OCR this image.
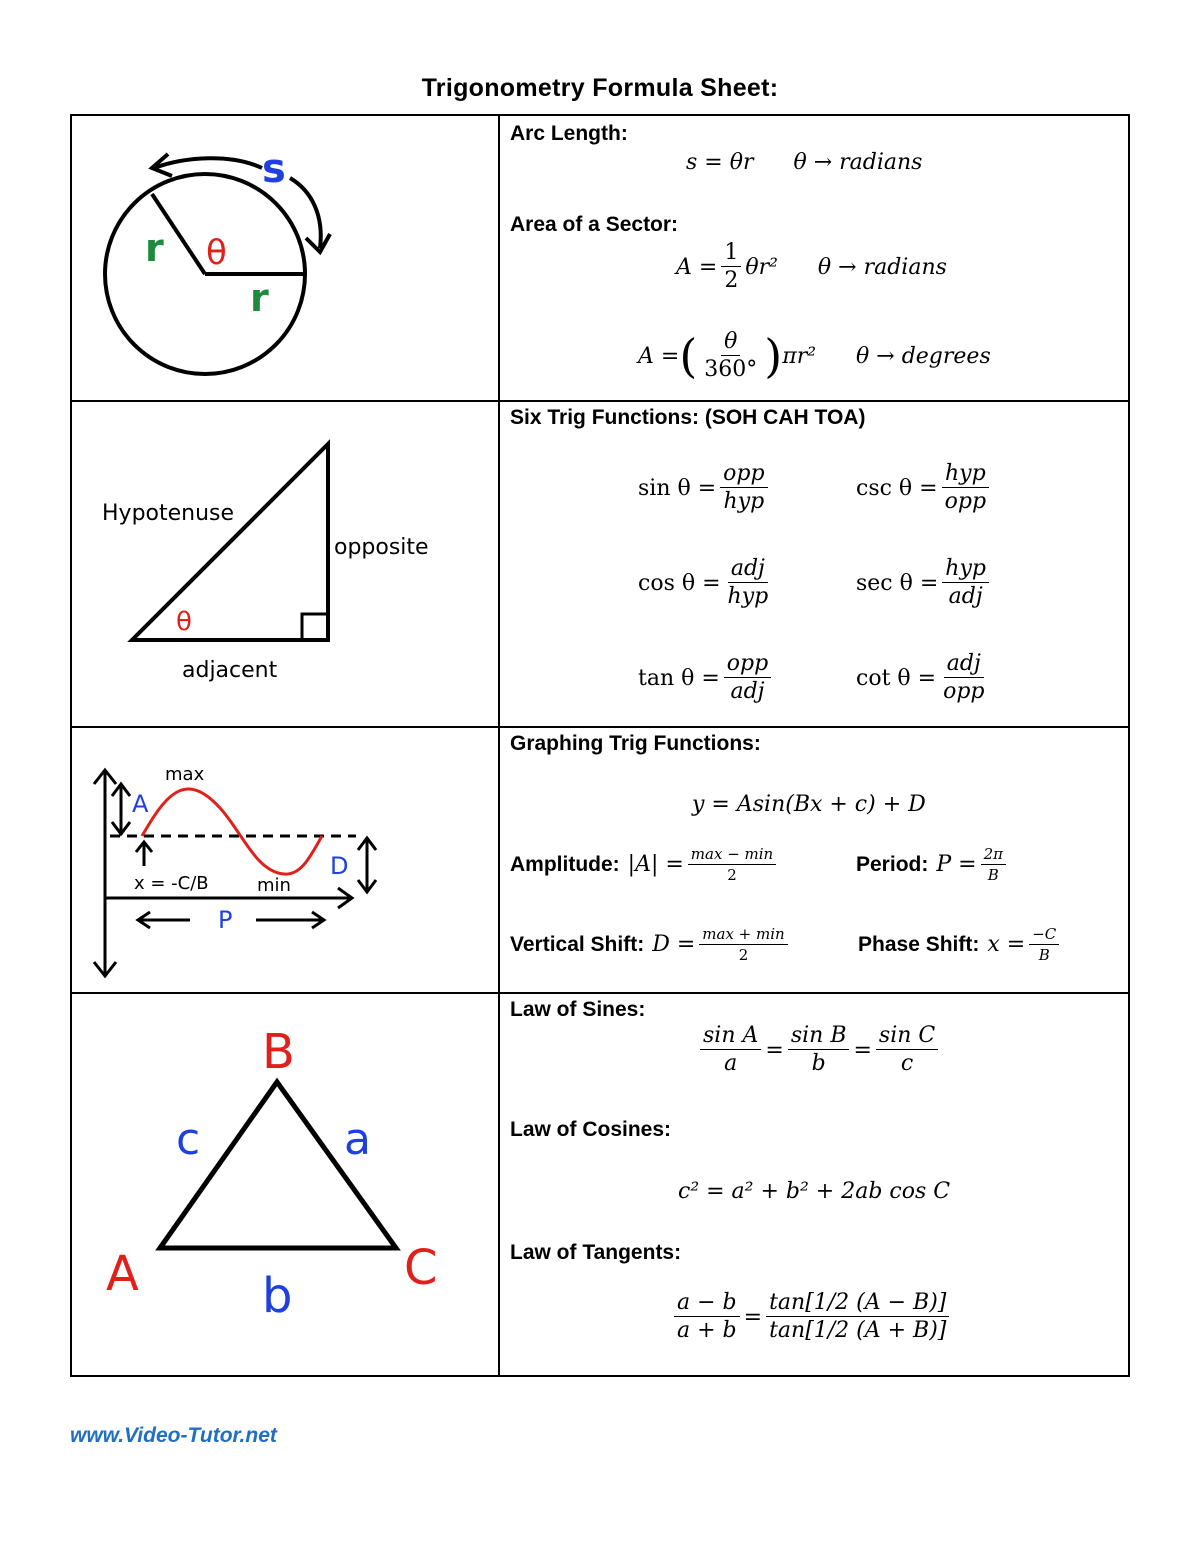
Trigonometry Formula Sheet:
s
r
r
θ
Arc Length:
s = θr θ → radians
Area of a Sector:
$A = \frac{1}{2} \theta r^2$ θ → radians
A = ( $\frac{\theta}{360^\circ}$ ) πr² θ → degrees
Hypotenuse
opposite
adjacent
θ
Six Trig Functions: (SOH CAH TOA)
$\sin \theta = \frac{\text{opp}}{\text{hyp}}$	$\csc \theta = \frac{\text{hyp}}{\text{opp}}$
$\cos \theta = \frac{\text{adj}}{\text{hyp}}$	$\sec \theta = \frac{\text{hyp}}{\text{adj}}$
$\tan \theta = \frac{\text{opp}}{\text{adj}}$	$\cot \theta = \frac{\text{adj}}{\text{opp}}$
max
min
A
D
x = -C/B
P
Graphing Trig Functions:
y = Asin(Bx + c) + D
Amplitude: $|A| = \frac{\max - \min}{2}$	Period: $P = \frac{2\pi}{B}$
Vertical Shift: $D = \frac{\max + \min}{2}$	Phase Shift: $x = \frac{-C}{B}$
B
A	C
c	a
b
Law of Sines:
$\frac{\text{sin A}}{a} = \frac{\text{sin B}}{b} = \frac{\text{sin C}}{c}$
Law of Cosines:
c² = a² + b² + 2ab cos C
Law of Tangents:
$\frac{a - b}{a + b} = \frac{\tan[1/2 (A - B)]}{\tan[1/2 (A + B)]}$
www.Video-Tutor.net
